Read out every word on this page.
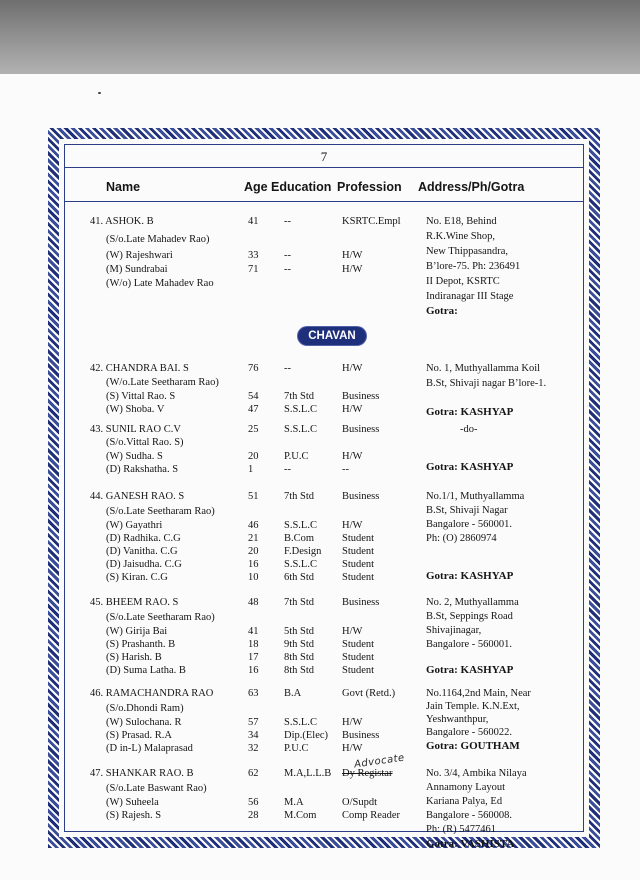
7
Name	Age Education Profession Address/Ph/Gotra
CHAVAN
41. ASHOK. B	41 --	KSRTC.Empl
(S/o.Late Mahadev Rao)
(W) Rajeshwari	33 --	H/W
(M) Sundrabai	71 --	H/W
(W/o) Late Mahadev Rao
No. E18, Behind
R.K.Wine Shop,
New Thippasandra,
B’lore-75. Ph: 236491
II Depot, KSRTC
Indiranagar III Stage
Gotra:
42. CHANDRA BAI. S	76 --	H/W
(W/o.Late Seetharam Rao)
(S) Vittal Rao. S	54 7th Std	Business
(W) Shoba. V	47 S.S.L.C H/W
No. 1, Muthyallamma Koil
B.St, Shivaji nagar B’lore-1.
Gotra: KASHYAP
43. SUNIL RAO C.V	25 S.S.L.C Business
(S/o.Vittal Rao. S)
(W) Sudha. S	20 P.U.C	H/W
(D) Rakshatha. S	1	--	--
-do-
Gotra: KASHYAP
44. GANESH RAO. S	51 7th Std	Business
(S/o.Late Seetharam Rao)
(W) Gayathri	46 S.S.L.C H/W
(D) Radhika. C.G	21 B.Com	Student
(D) Vanitha. C.G	20 F.Design Student
(D) Jaisudha. C.G	16 S.S.L.C Student
(S) Kiran. C.G	10 6th Std	Student
No.1/1, Muthyallamma
B.St, Shivaji Nagar
Bangalore - 560001.
Ph: (O) 2860974
Gotra: KASHYAP
45. BHEEM RAO. S	48 7th Std	Business
(S/o.Late Seetharam Rao)
(W) Girija Bai	41 5th Std	H/W
(S) Prashanth. B	18 9th Std	Student
(S) Harish. B	17 8th Std	Student
(D) Suma Latha. B	16 8th Std	Student
No. 2, Muthyallamma
B.St, Seppings Road
Shivajinagar,
Bangalore - 560001.
Gotra: KASHYAP
46. RAMACHANDRA RAO	63 B.A	Govt (Retd.)
(S/o.Dhondi Ram)
(W) Sulochana. R	57 S.S.L.C H/W
(S) Prasad. R.A	34 Dip.(Elec) Business
(D in-L) Malaprasad	32 P.U.C	H/W
No.1164,2nd Main, Near
Jain Temple. K.N.Ext,
Yeshwanthpur,
Bangalore - 560022.
Gotra: GOUTHAM
47. SHANKAR RAO. B	62 M.A,L.L.B Dy Registar
(S/o.Late Baswant Rao)
(W) Suheela	56 M.A	O/Supdt
(S) Rajesh. S	28 M.Com Comp Reader
No. 3/4, Ambika Nilaya
Annamony Layout
Kariana Palya, Ed
Bangalore - 560008.
Ph: (R) 5477461
Gotra: VASHISTA
Advocate
